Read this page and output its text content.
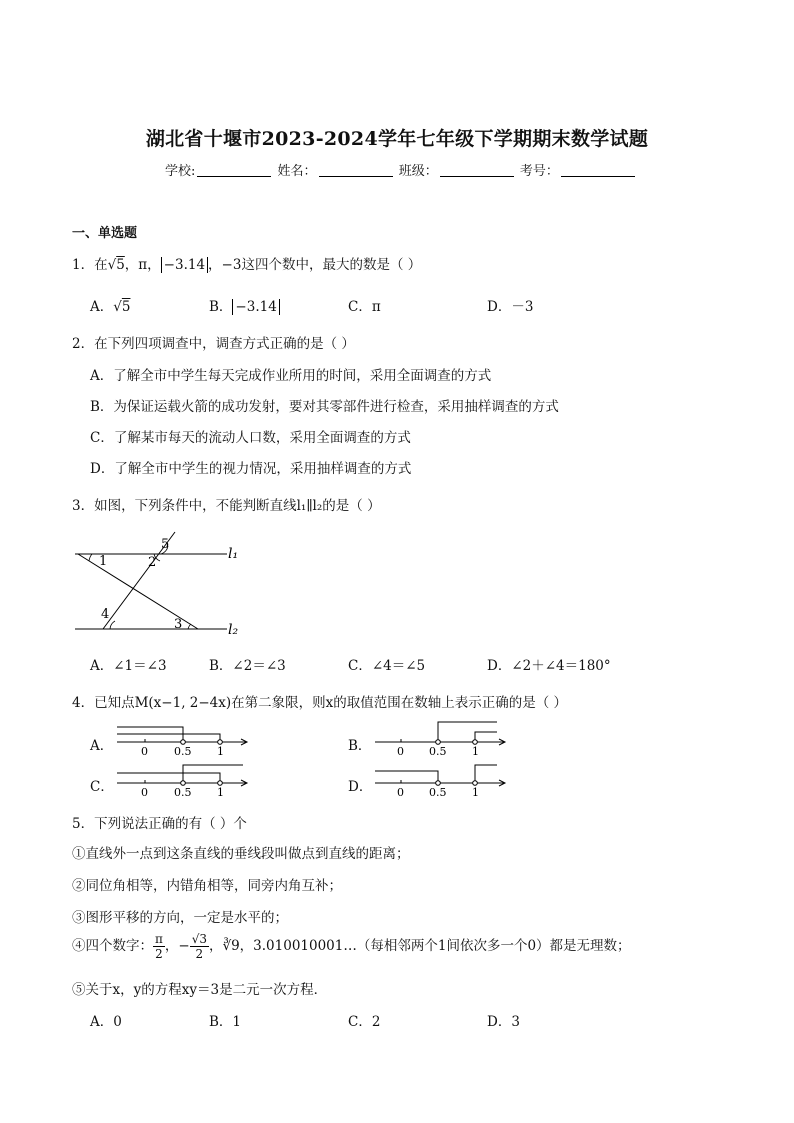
湖北省十堰市2023-2024学年七年级下学期期末数学试题
学校:	姓名：	班级：	考号：
一、单选题
1．在√5，π， −3.14 ，−3这四个数中，最大的数是（ ）
A．√5	B． −3.14	C．π	D．－3
2．在下列四项调查中，调查方式正确的是（ ）
A．了解全市中学生每天完成作业所用的时间，采用全面调查的方式
B．为保证运载火箭的成功发射，要对其零部件进行检查，采用抽样调查的方式
C．了解某市每天的流动人口数，采用全面调查的方式
D．了解全市中学生的视力情况，采用抽样调查的方式
3．如图，下列条件中，不能判断直线l₁∥l₂的是（ ）
l₁
l₂
1	2
3
4
5
A．∠1＝∠3	B．∠2＝∠3	C．∠4＝∠5	D．∠2＋∠4＝180°
4．已知点M(x−1, 2−4x)在第二象限，则x的取值范围在数轴上表示正确的是（ ）
A．	0 0.5 1	B． 0 0.5 1
C． 0 0.5 1	D． 0 0.5 1
5．下列说法正确的有（ ）个
①直线外一点到这条直线的垂线段叫做点到直线的距离；
②同位角相等，内错角相等，同旁内角互补；
③图形平移的方向，一定是水平的；
④四个数字： $\frac{\pi}{2}$ ，− $\frac{√3}{2}$ ，∛9，3.010010001…（每相邻两个1间依次多一个0）都是无理数；
⑤关于x，y的方程xy＝3是二元一次方程．
A．0	B．1	C．2	D．3
